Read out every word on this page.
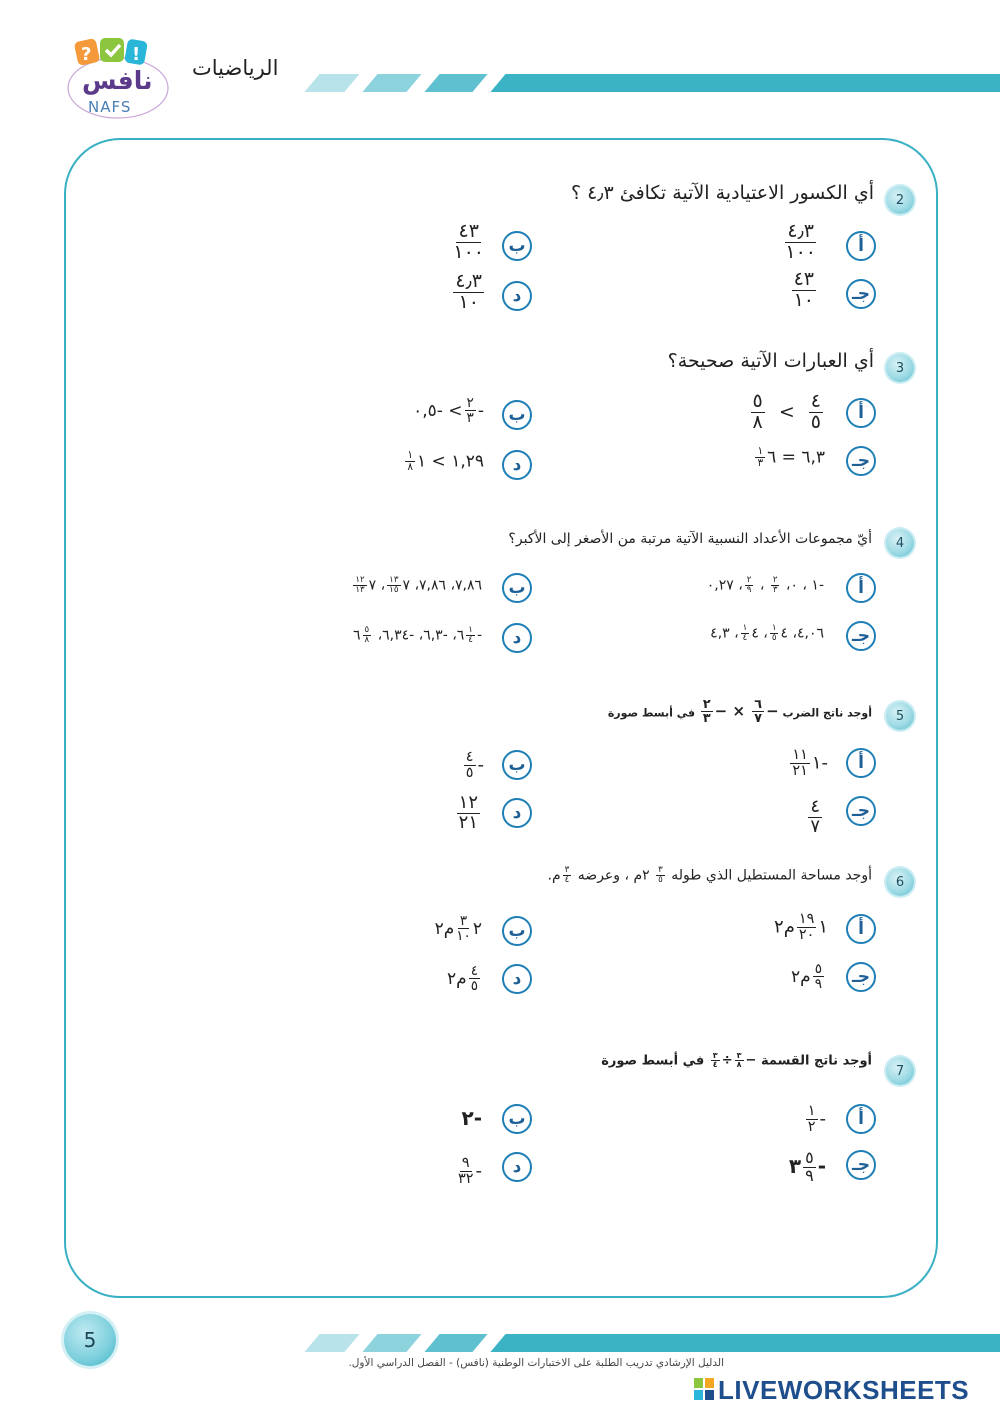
? !
نافس
NAFS
الرياضيات
2
أي الكسور الاعتيادية الآتية تكافئ ٤٫٣ ؟
أ
$\frac{٤٫٣}{١٠٠}$
ب
$\frac{٤٣}{١٠٠}$
جـ
$\frac{٤٣}{١٠}$
د
$\frac{٤٫٣}{١٠}$
3
أي العبارات الآتية صحيحة؟
أ
$\frac{٤}{٥}$
>
$\frac{٥}{٨}$
ب
-
$\frac{٢}{٣}$
> -٠,٥
جـ
٦,٣ = ٦
$\frac{١}{٣}$
د
١,٢٩ > ١
$\frac{١}{٨}$
4
أيّ مجموعات الأعداد النسبية الآتية مرتبة من الأصغر إلى الأكبر؟
أ
-١ ، ٠،
$\frac{٢}{٣}$
،
$\frac{٢}{٩}$
، ٠,٢٧
ب
٧,٨٦، ٧,٨٦، ٧
$\frac{١٣}{١٥}$
، ٧
$\frac{١٢}{١٣}$
جـ
٤,٠٦، ٤
$\frac{١}{٥}$
، ٤
$\frac{١}{٤}$
، ٤,٣
د
-
$\frac{١}{٤}$
٦، -٦,٣، -٦,٣٤،
$\frac{٥}{٨}$
٦
5
أوجد ناتج الضرب −
$\frac{٦}{٧}$
× −
$\frac{٢}{٣}$
في أبسط صورة
أ
-١
$\frac{١١}{٢١}$
ب
-
$\frac{٤}{٥}$
جـ
$\frac{٤}{٧}$
د
$\frac{١٢}{٢١}$
6
أوجد مساحة المستطيل الذي طوله
$\frac{٣}{٥}$
٢م ، وعرضه
$\frac{٣}{٤}$
م.
أ
١
$\frac{١٩}{٢٠}$
م٢
ب
٢
$\frac{٣}{١٠}$
م٢
جـ
$\frac{٥}{٩}$
م٢
د
$\frac{٤}{٥}$
م٢
7
أوجد ناتج القسمة −
$\frac{٣}{٨}$
÷
$\frac{٣}{٤}$
في أبسط صورة
أ
-
$\frac{١}{٢}$
ب
-٢
جـ
-
$\frac{٥}{٩}$
٣
د
-
$\frac{٩}{٣٢}$
5
الدليل الإرشادي تدريب الطلبة على الاختبارات الوطنية (نافس) - الفصل الدراسي الأول.
LIVEWORKSHEETS
